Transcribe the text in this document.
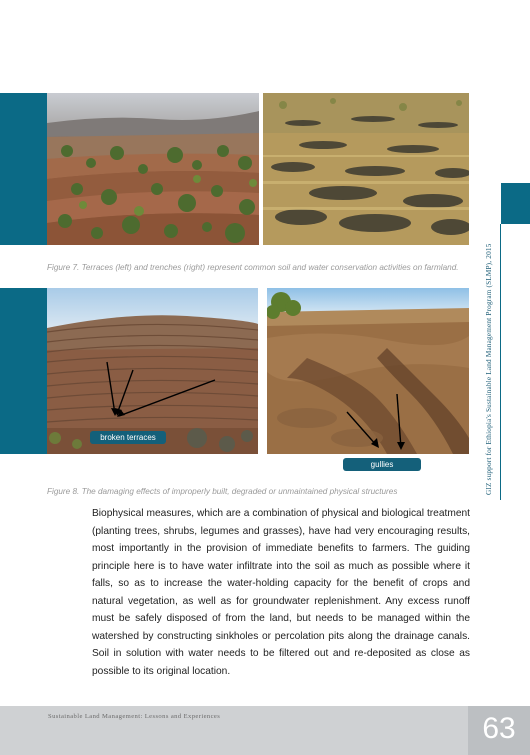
Figure 7. Terraces (left) and trenches (right) represent common soil and water conservation activities on farmland.
broken terraces
gullies
Figure 8. The damaging effects of improperly built, degraded or unmaintained physical structures

Biophysical measures, which are a combination of physical and biological treatment (planting trees, shrubs, legumes and grasses), have had very encouraging results, most importantly in the provision of immediate benefits to farmers. The guiding principle here is to have water infiltrate into the soil as much as possible where it falls, so as to increase the water-holding capacity for the benefit of crops and natural vegetation, as well as for groundwater replenishment. Any excess runoff must be safely disposed of from the land, but needs to be managed within the watershed by constructing sinkholes or percolation pits along the drainage canals. Soil in solution with water needs to be filtered out and re-deposited as close as possible to its original location.

GIZ support for Ethiopia's Sustainable Land Management Program (SLMP), 2015
Sustainable Land Management: Lessons and Experiences	63
